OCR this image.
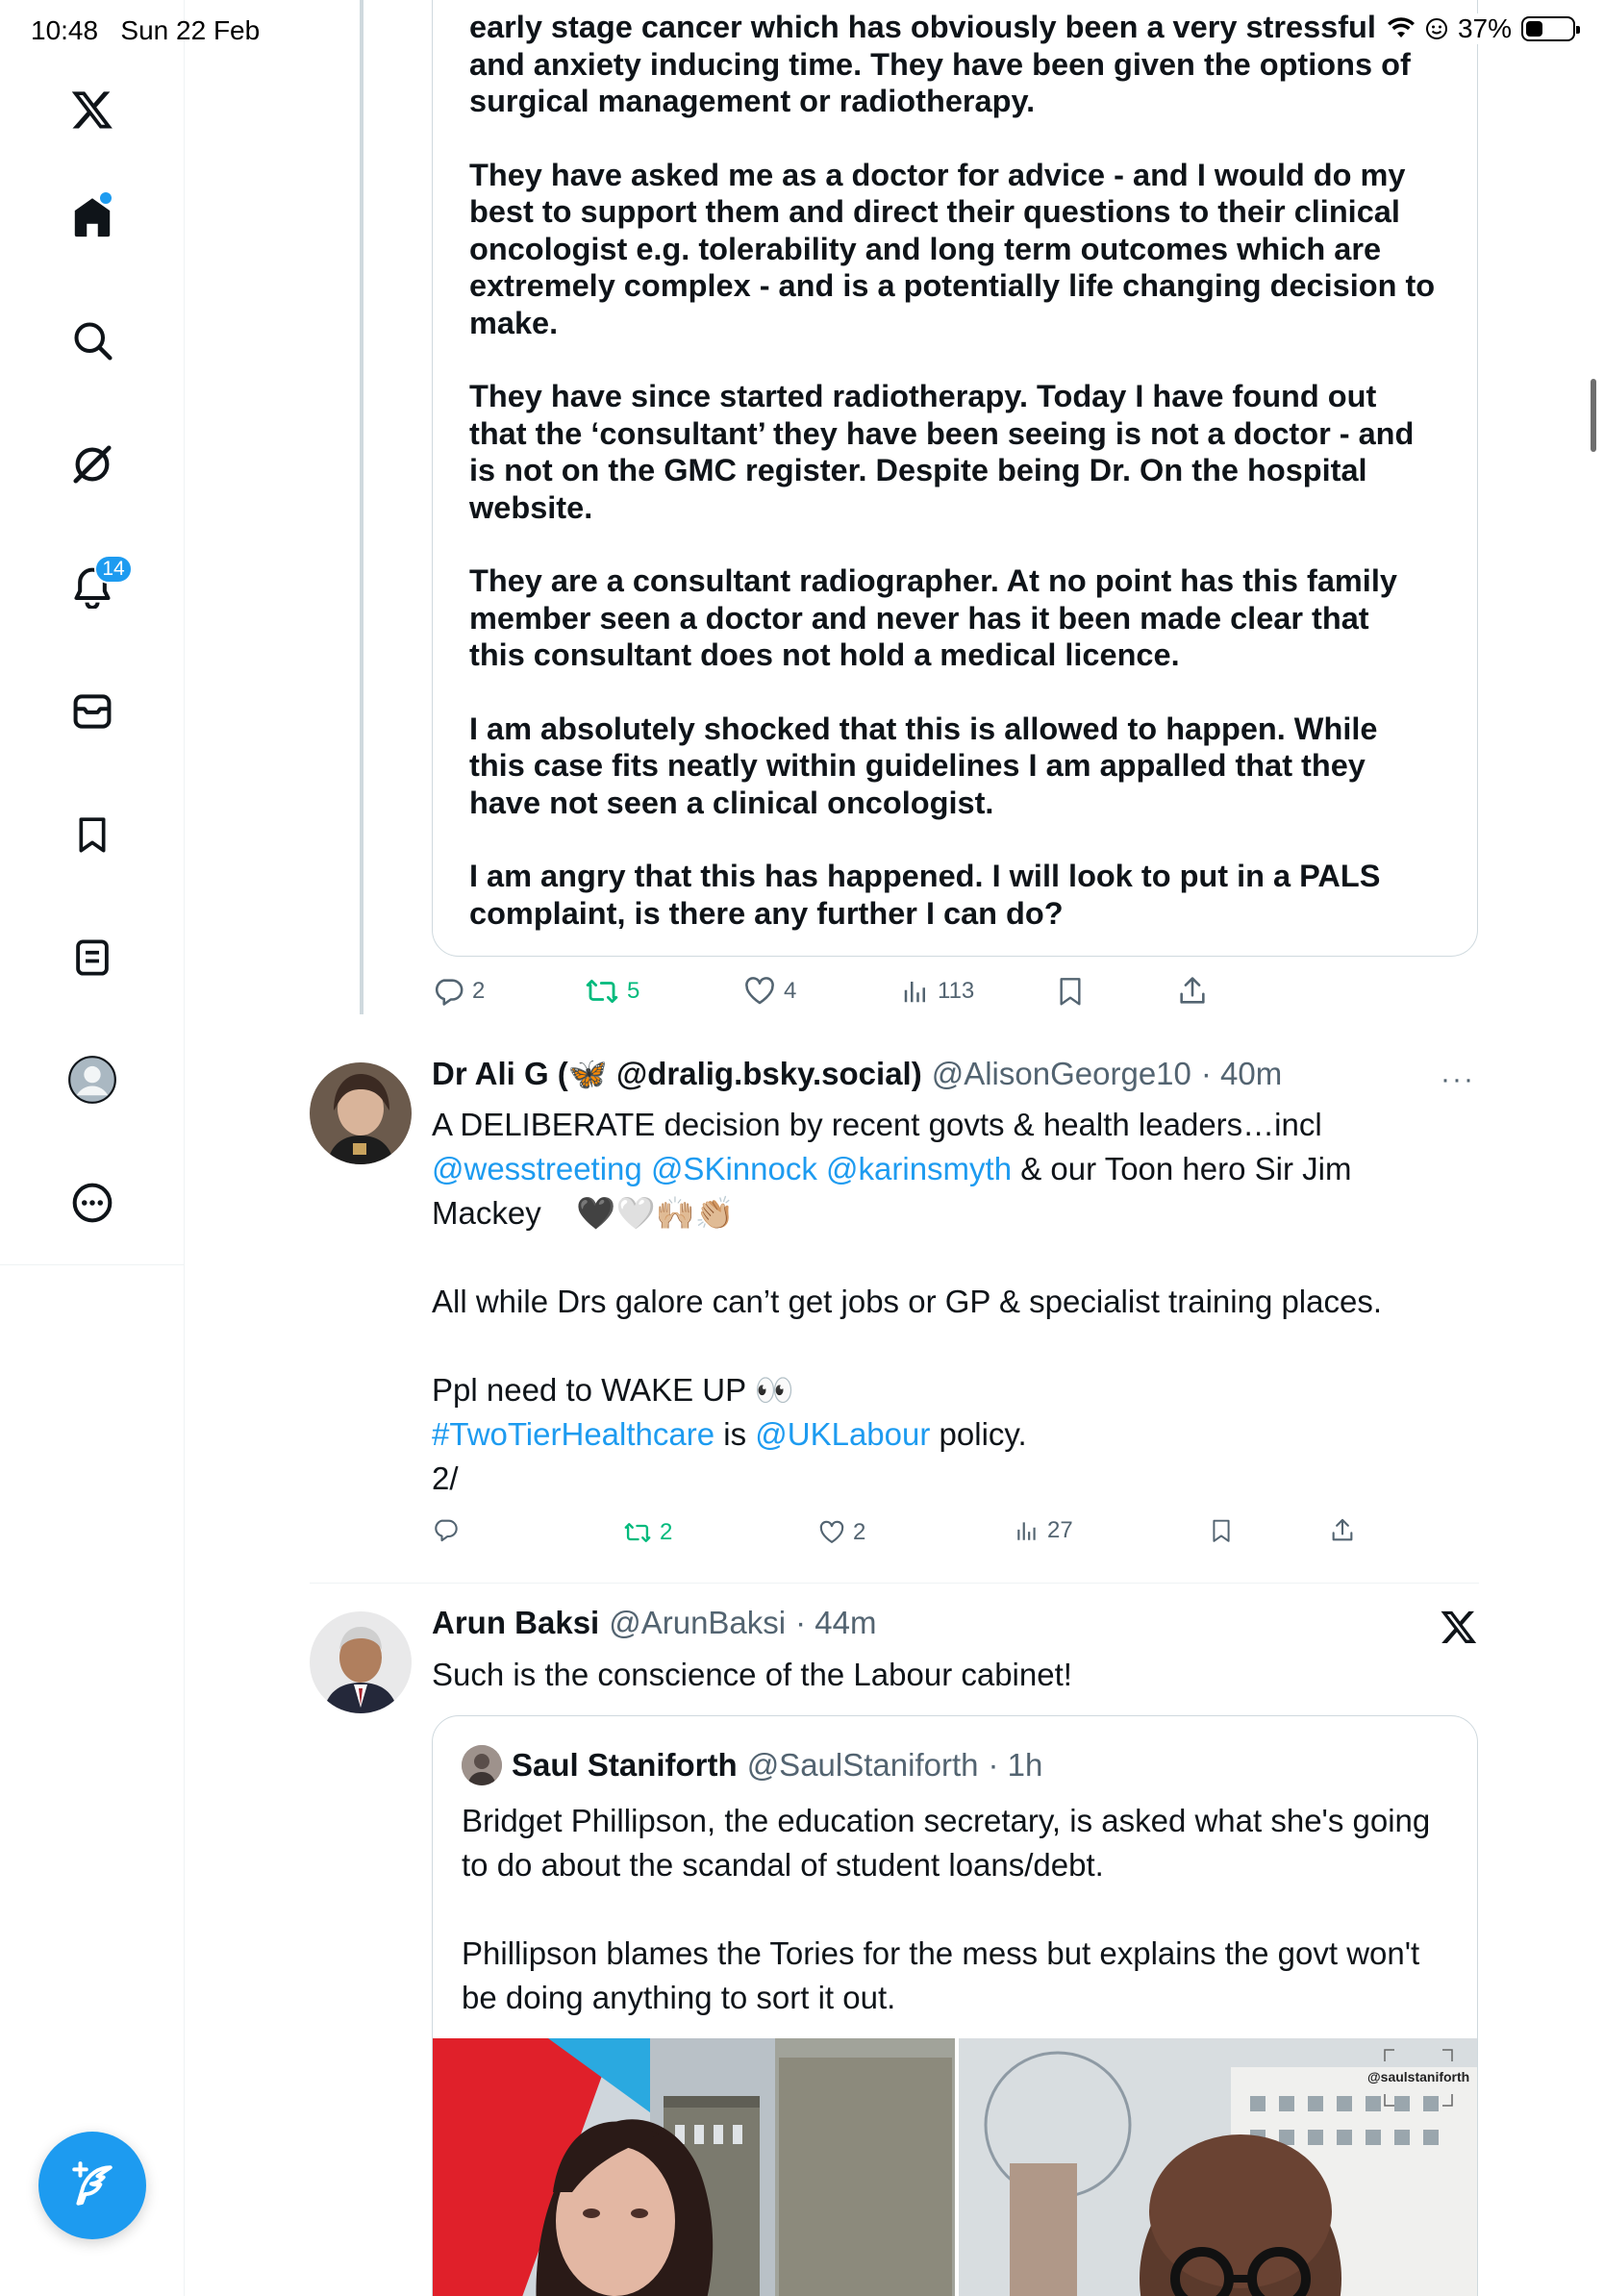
10:48 Sun 22 Feb	37%
14

early stage cancer which has obviously been a very stressful
and anxiety inducing time. They have been given the options of
surgical management or radiotherapy.

They have asked me as a doctor for advice - and I would do my
best to support them and direct their questions to their clinical
oncologist e.g. tolerability and long term outcomes which are
extremely complex - and is a potentially life changing decision to
make.

They have since started radiotherapy. Today I have found out
that the ‘consultant’ they have been seeing is not a doctor - and
is not on the GMC register. Despite being Dr. On the hospital
website.

They are a consultant radiographer. At no point has this family
member seen a doctor and never has it been made clear that
this consultant does not hold a medical licence.

I am absolutely shocked that this is allowed to happen. While
this case fits neatly within guidelines I am appalled that they
have not seen a clinical oncologist.

I am angry that this has happened. I will look to put in a PALS
complaint, is there any further I can do?

2	5	4	113
Dr Ali G (🦋 @dralig.bsky.social) @AlisonGeorge10 · 40m	···
A DELIBERATE decision by recent govts & health leaders…incl
@wesstreeting @SKinnock @karinsmyth & our Toon hero Sir Jim
Mackey 🖤🤍🙌🏼👏🏼
All while Drs galore can’t get jobs or GP & specialist training places.
Ppl need to WAKE UP 👀
#TwoTierHealthcare is @UKLabour policy.
2/
2	2	27
Arun Baksi @ArunBaksi · 44m
Such is the conscience of the Labour cabinet!
Saul Staniforth @SaulStaniforth · 1h
Bridget Phillipson, the education secretary, is asked what she's going to do about the scandal of student loans/debt.
Phillipson blames the Tories for the mess but explains the govt won't be doing anything to sort it out.
@saulstaniforth
